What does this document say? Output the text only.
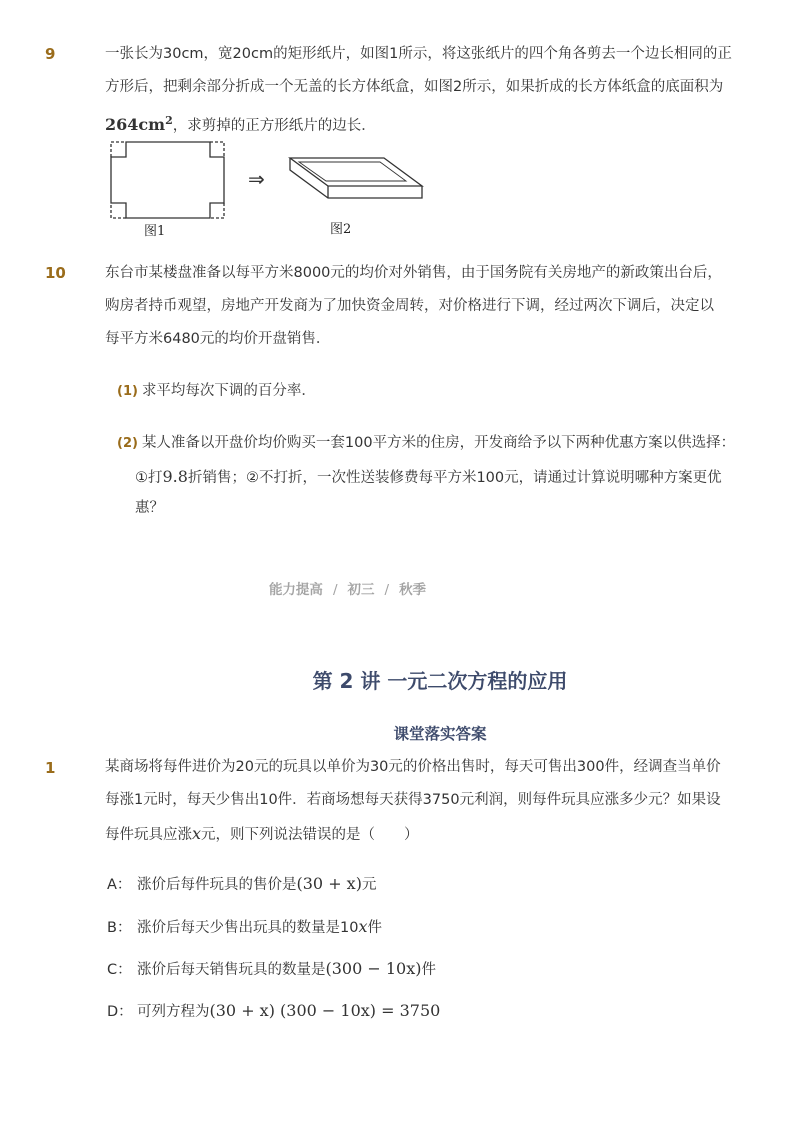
9	一张长为30cm，宽20cm的矩形纸片，如图1所示，将这张纸片的四个角各剪去一个边长相同的正
方形后，把剩余部分折成一个无盖的长方体纸盒，如图2所示，如果折成的长方体纸盒的底面积为
$264cm^2$，求剪掉的正方形纸片的边长．
⇒
图1	图2
10	东台市某楼盘准备以每平方米8000元的均价对外销售，由于国务院有关房地产的新政策出台后，
购房者持币观望，房地产开发商为了加快资金周转，对价格进行下调，经过两次下调后，决定以
每平方米6480元的均价开盘销售．
(1) 求平均每次下调的百分率．
(2) 某人准备以开盘价均价购买一套100平方米的住房，开发商给予以下两种优惠方案以供选择：
①打9.8折销售；②不打折，一次性送装修费每平方米100元，请通过计算说明哪种方案更优
惠？
能力提高 / 初三 / 秋季
第 2 讲 一元二次方程的应用
课堂落实答案
1	某商场将每件进价为20元的玩具以单价为30元的价格出售时，每天可售出300件，经调查当单价
每涨1元时，每天少售出10件．若商场想每天获得3750元利润，则每件玩具应涨多少元？如果设
每件玩具应涨x元，则下列说法错误的是（　　）
A： 涨价后每件玩具的售价是(30 + x)元
B： 涨价后每天少售出玩具的数量是10x件
C： 涨价后每天销售玩具的数量是(300 − 10x)件
D： 可列方程为(30 + x) (300 − 10x) = 3750
